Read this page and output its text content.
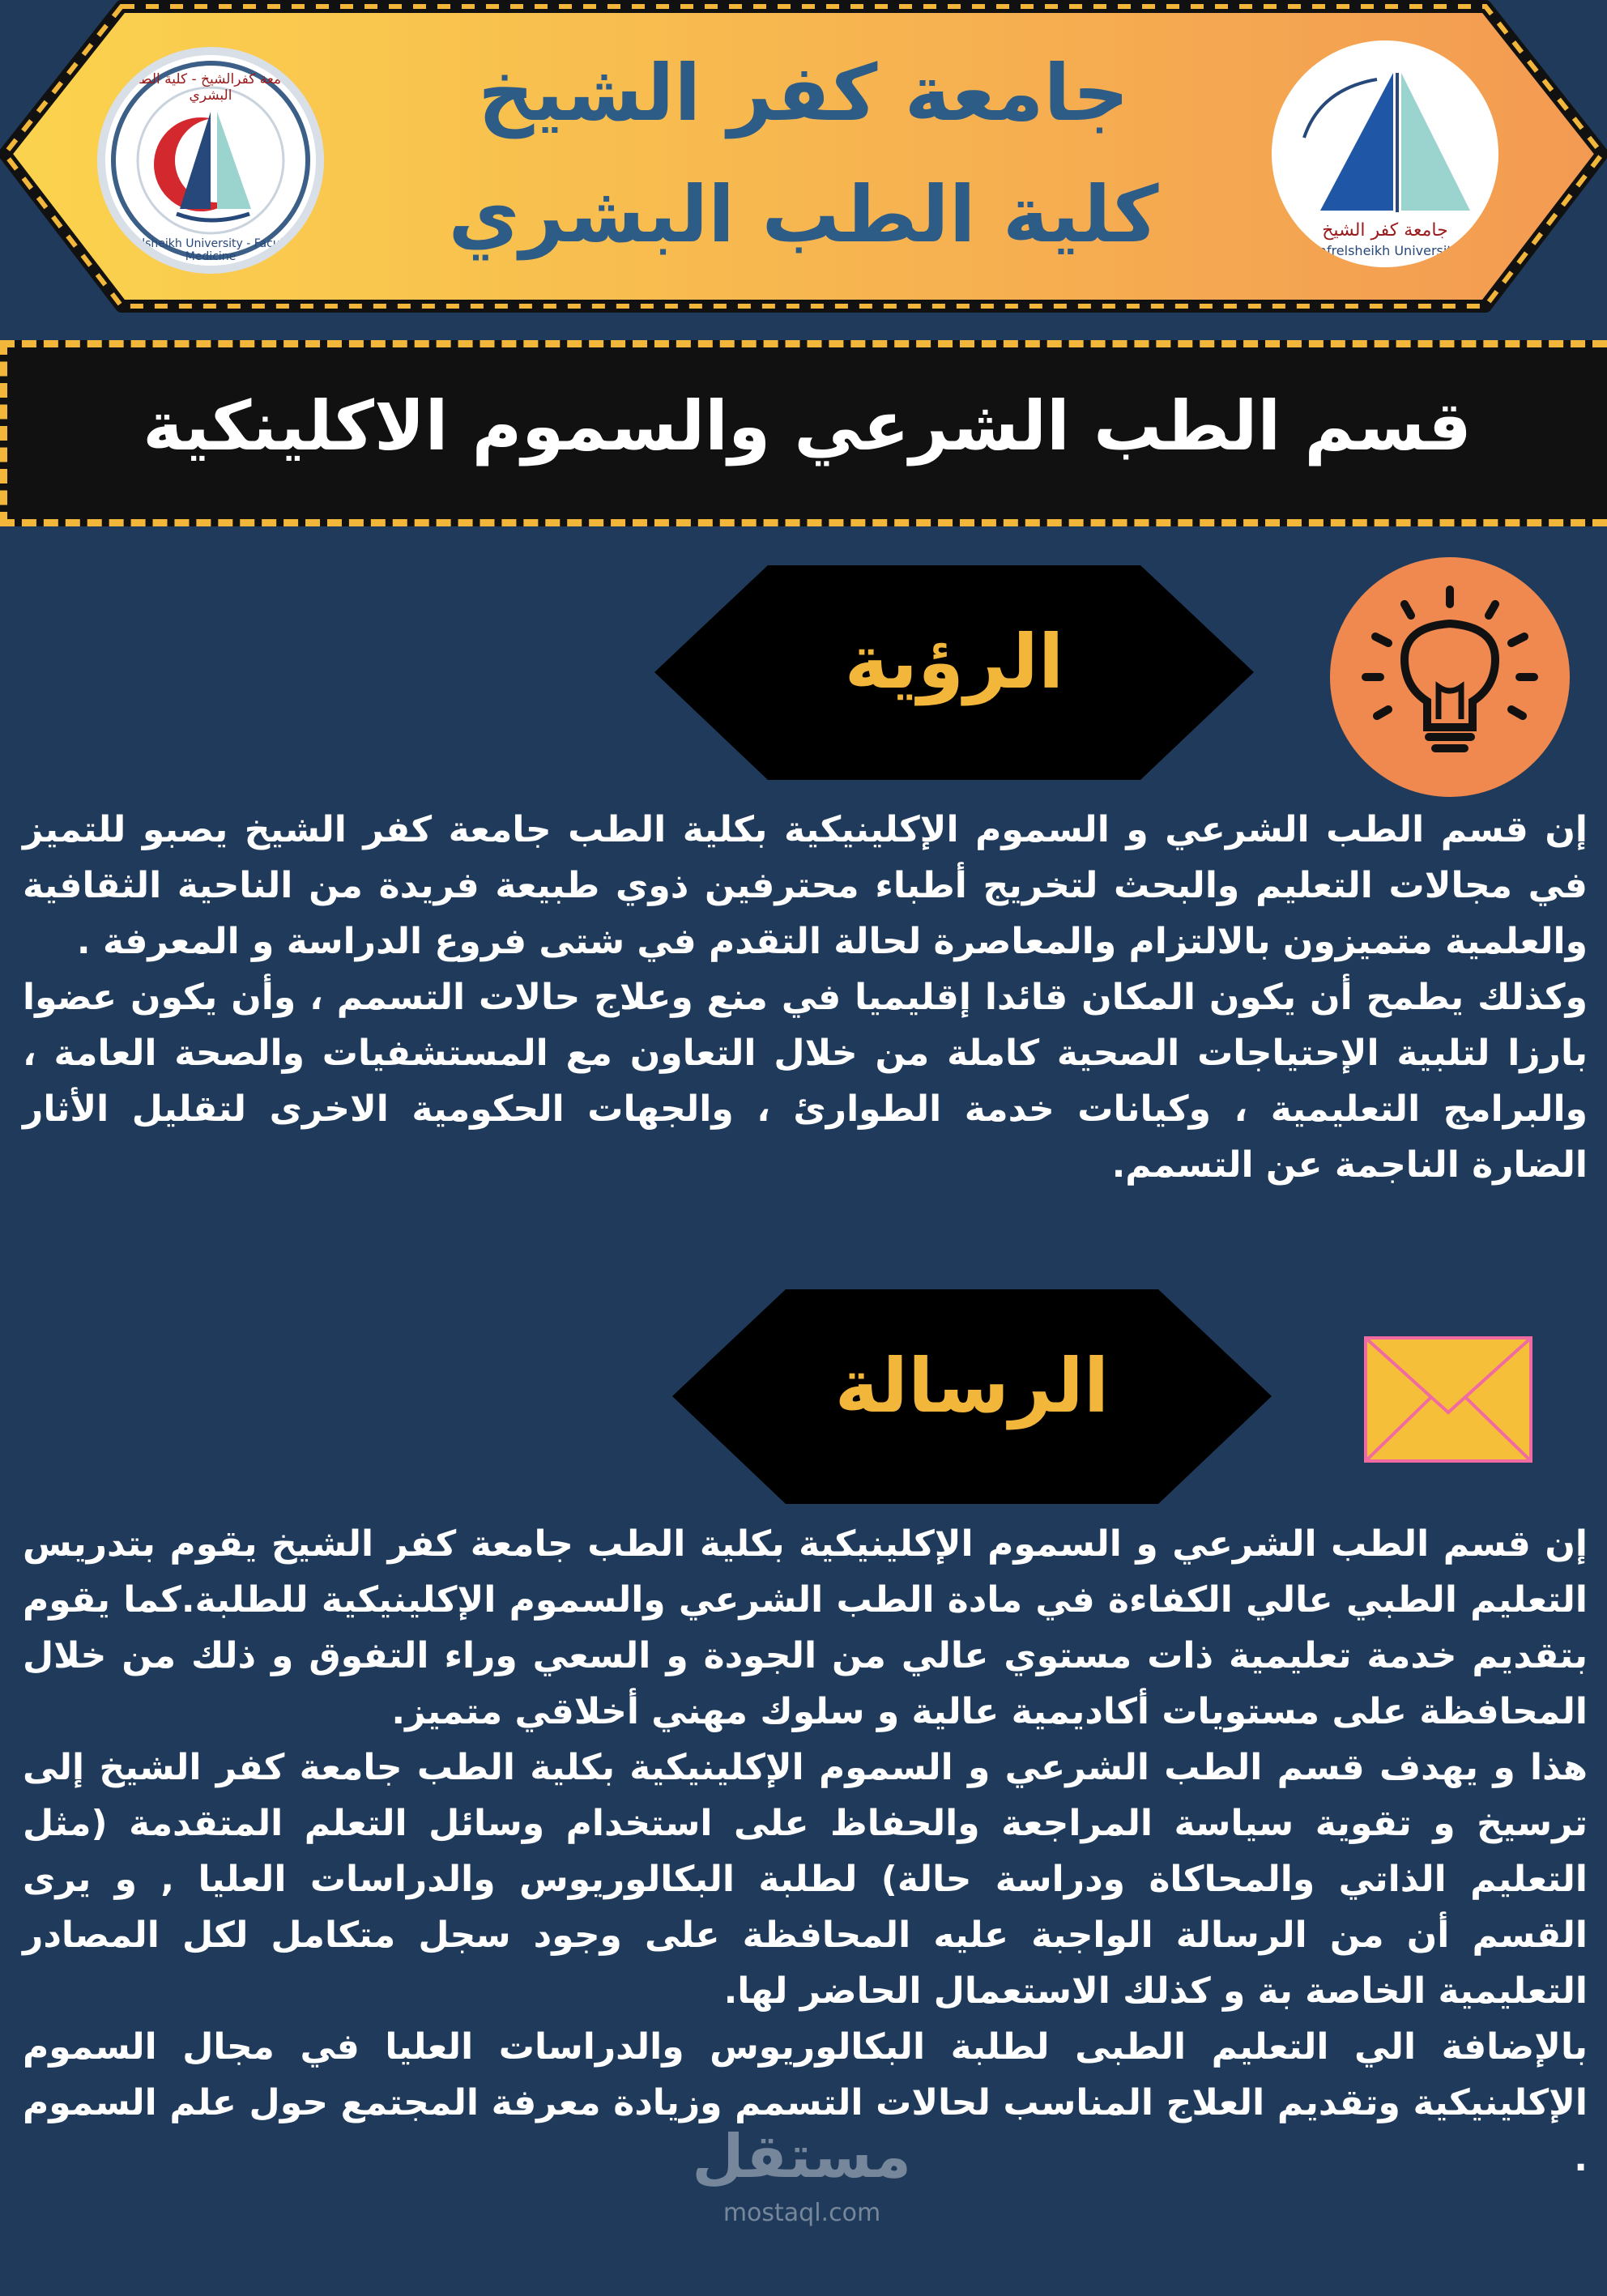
جامعة كفر الشيخ
كلية الطب البشري
جامعة كفرالشيخ - كلية الطب البشري
Kafrelsheikh University - Faculty of Medicine
جامعة كفر الشيخ
Kafrelsheikh University
قسم الطب الشرعي والسموم الاكلينكية
الرؤية

إن قسم الطب الشرعي و السموم الإكلينيكية بكلية الطب جامعة كفر الشيخ يصبو للتميز في مجالات التعليم والبحث لتخريج أطباء محترفين ذوي طبيعة فريدة من الناحية الثقافية والعلمية متميزون بالالتزام والمعاصرة لحالة التقدم في شتى فروع الدراسة و المعرفة .

وكذلك يطمح أن يكون المكان قائدا إقليميا في منع وعلاج حالات التسمم ، وأن يكون عضوا بارزا لتلبية الإحتياجات الصحية كاملة من خلال التعاون مع المستشفيات والصحة العامة ، والبرامج التعليمية ، وكيانات خدمة الطوارئ ، والجهات الحكومية الاخرى لتقليل الأثار الضارة الناجمة عن التسمم.

الرسالة

إن قسم الطب الشرعي و السموم الإكلينيكية بكلية الطب جامعة كفر الشيخ يقوم بتدريس التعليم الطبي عالي الكفاءة في مادة الطب الشرعي والسموم الإكلينيكية للطلبة.كما يقوم بتقديم خدمة تعليمية ذات مستوي عالي من الجودة و السعي وراء التفوق و ذلك من خلال المحافظة على مستويات أكاديمية عالية و سلوك مهني أخلاقي متميز.

هذا و يهدف قسم الطب الشرعي و السموم الإكلينيكية بكلية الطب جامعة كفر الشيخ إلى ترسيخ و تقوية سياسة المراجعة والحفاظ على استخدام وسائل التعلم المتقدمة (مثل التعليم الذاتي والمحاكاة ودراسة حالة) لطلبة البكالوريوس والدراسات العليا , و يرى القسم أن من الرسالة الواجبة عليه المحافظة على وجود سجل متكامل لكل المصادر التعليمية الخاصة بة و كذلك الاستعمال الحاضر لها.

بالإضافة الي التعليم الطبى لطلبة البكالوريوس والدراسات العليا في مجال السموم الإكلينيكية وتقديم العلاج المناسب لحالات التسمم وزيادة معرفة المجتمع حول علم السموم .

مستقل
mostaql.com
